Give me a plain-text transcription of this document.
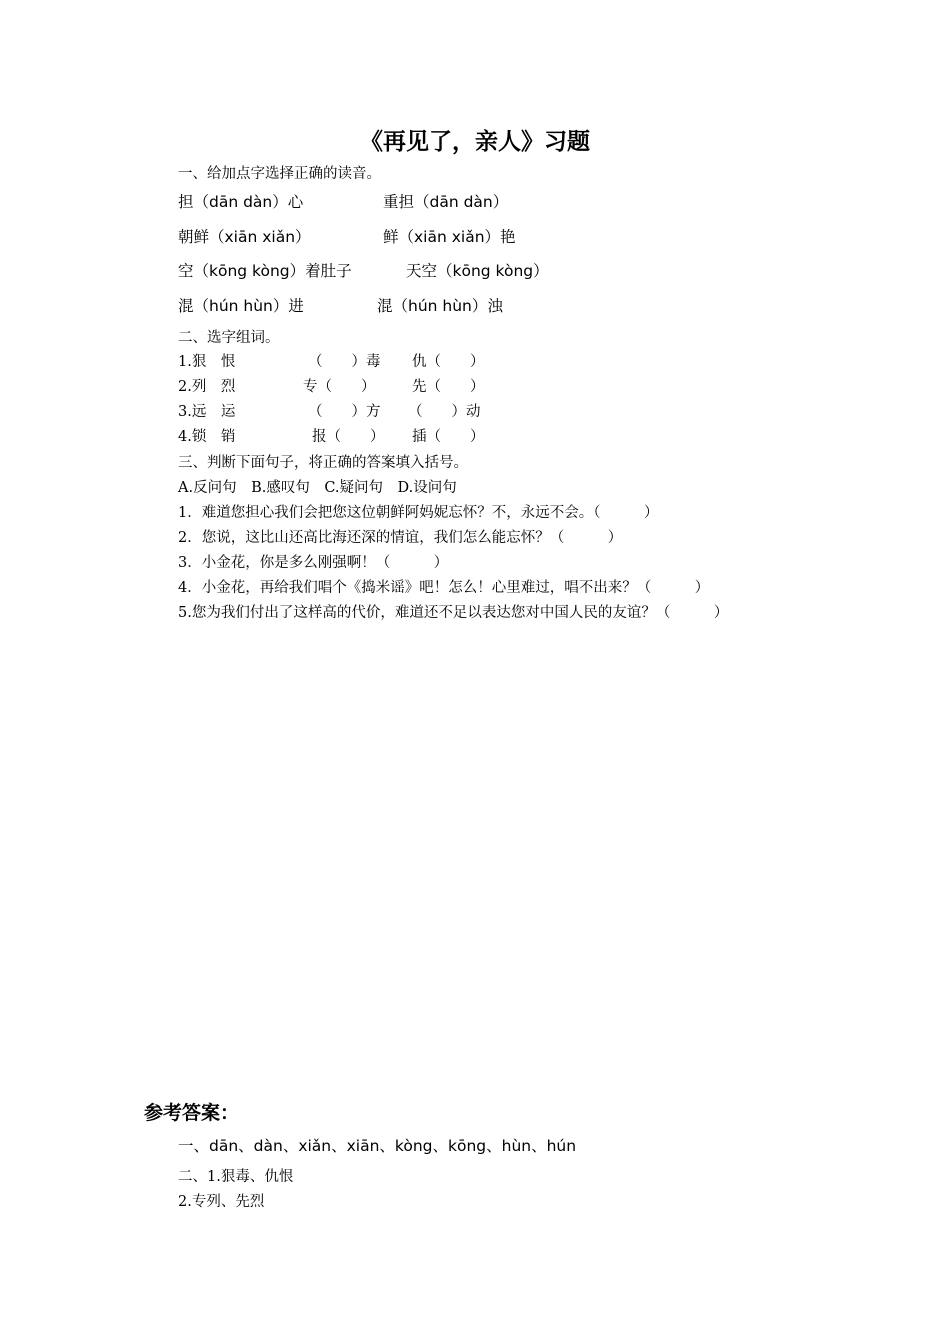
《再见了，亲人》习题
一、给加点字选择正确的读音。
担（dān dàn）心	重担（dān dàn）
朝鲜（xiān xiǎn）	鲜（xiān xiǎn）艳
空（kōng kòng）着肚子	天空（kōng kòng）
混（hún hùn）进	混（hún hùn）浊
二、选字组词。
1.狠　恨	（　　）毒 仇（　　）
2.列　烈	专（　　）	先（　　）
3.远　运	（　　）方 （　　）动
4.锁　销	报（　　） 插（　　）
三、判断下面句子，将正确的答案填入括号。
A.反问句　B.感叹句　C.疑问句　D.设问句
1．难道您担心我们会把您这位朝鲜阿妈妮忘怀？不，永远不会。（　　　）
2．您说，这比山还高比海还深的情谊，我们怎么能忘怀？（　　　）
3．小金花，你是多么刚强啊！（　　　）
4．小金花，再给我们唱个《捣米谣》吧！怎么！心里难过，唱不出来？（　　　）
5.您为我们付出了这样高的代价，难道还不足以表达您对中国人民的友谊？（　　　）
参考答案：
一、dān、dàn、xiǎn、xiān、kòng、kōng、hùn、hún
二、1.狠毒、仇恨
2.专列、先烈
